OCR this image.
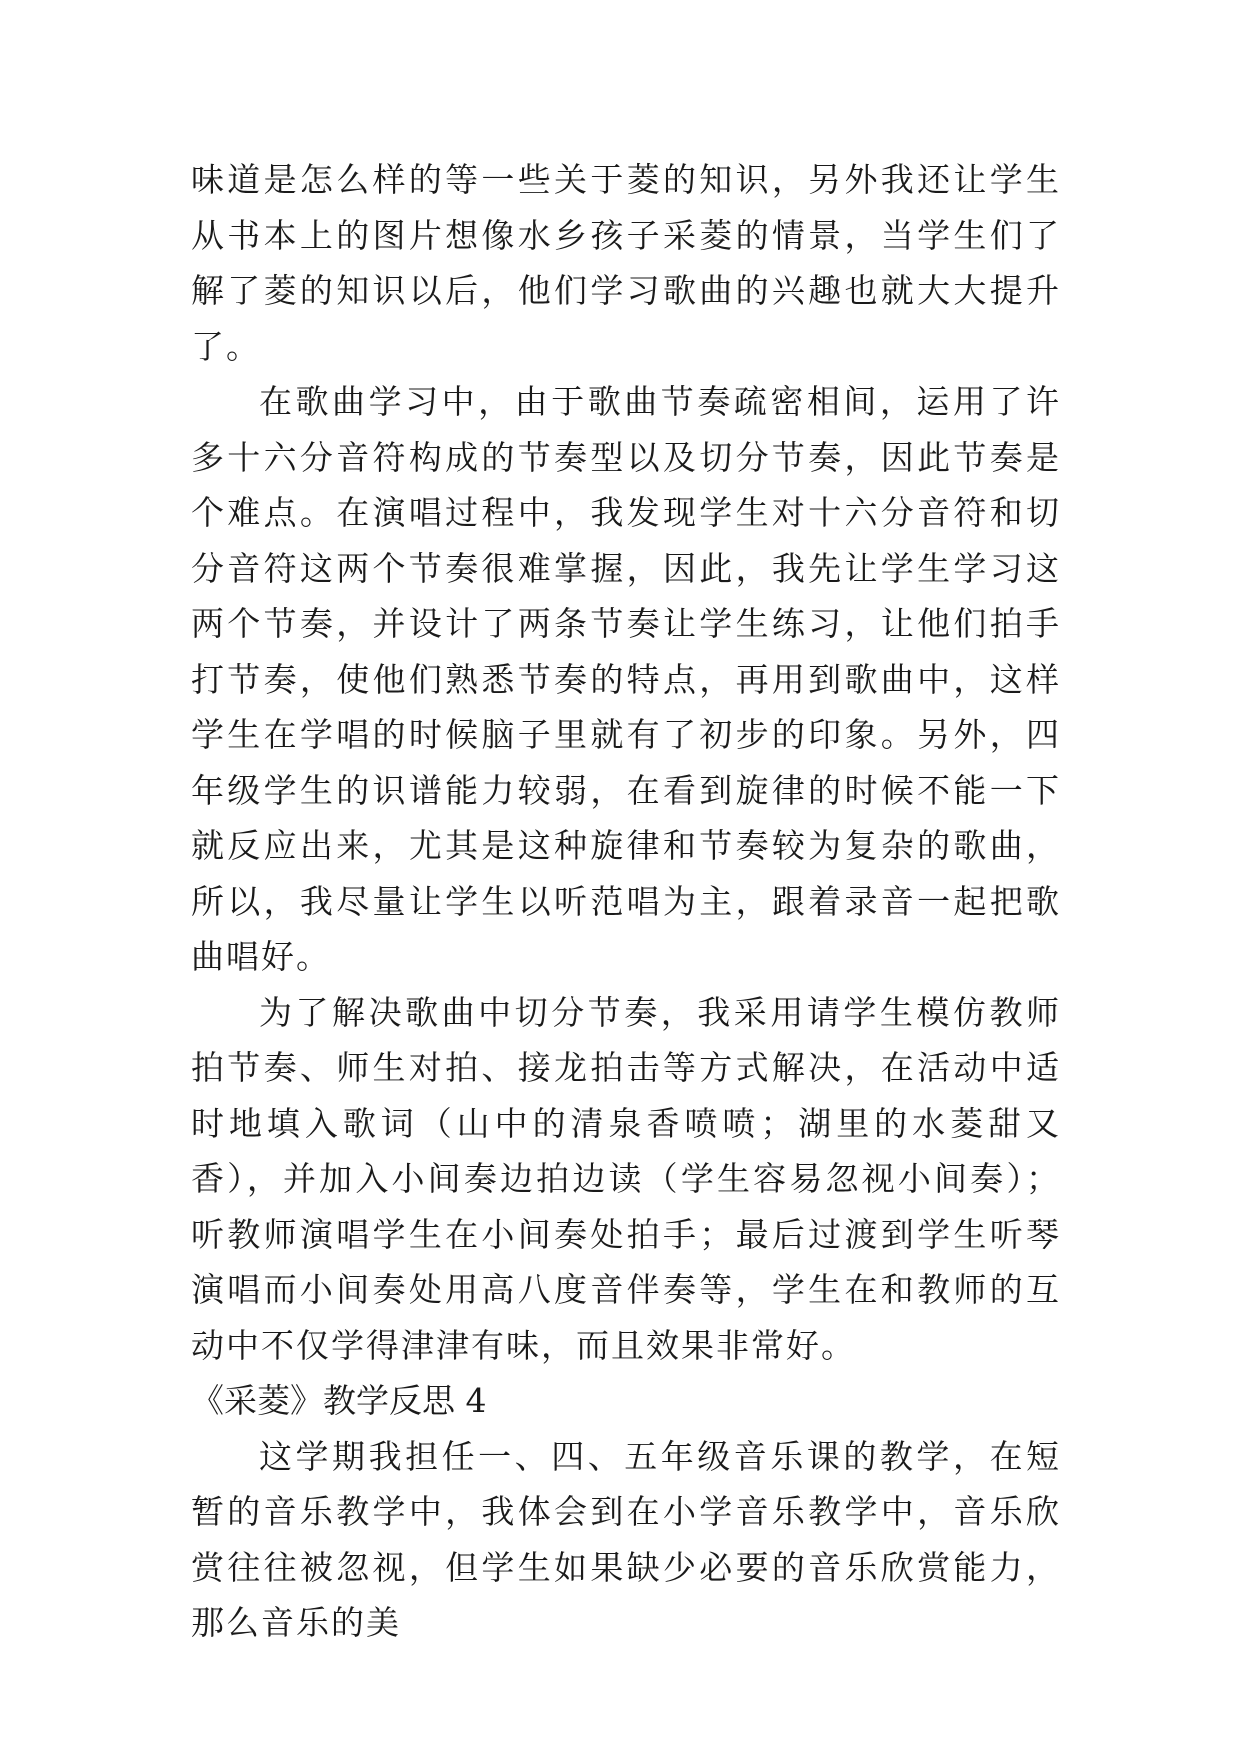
味道是怎么样的等一些关于菱的知识，另外我还让学生从书本上的图片想像水乡孩子采菱的情景，当学生们了解了菱的知识以后，他们学习歌曲的兴趣也就大大提升了。

在歌曲学习中，由于歌曲节奏疏密相间，运用了许多十六分音符构成的节奏型以及切分节奏，因此节奏是个难点。在演唱过程中，我发现学生对十六分音符和切分音符这两个节奏很难掌握，因此，我先让学生学习这两个节奏，并设计了两条节奏让学生练习，让他们拍手打节奏，使他们熟悉节奏的特点，再用到歌曲中，这样学生在学唱的时候脑子里就有了初步的印象。另外，四年级学生的识谱能力较弱，在看到旋律的时候不能一下就反应出来，尤其是这种旋律和节奏较为复杂的歌曲，所以，我尽量让学生以听范唱为主，跟着录音一起把歌曲唱好。

为了解决歌曲中切分节奏，我采用请学生模仿教师拍节奏、师生对拍、接龙拍击等方式解决，在活动中适时地填入歌词（山中的清泉香喷喷；湖里的水菱甜又香），并加入小间奏边拍边读（学生容易忽视小间奏）；听教师演唱学生在小间奏处拍手；最后过渡到学生听琴演唱而小间奏处用高八度音伴奏等，学生在和教师的互动中不仅学得津津有味，而且效果非常好。

《采菱》教学反思 4

这学期我担任一、四、五年级音乐课的教学，在短暂的音乐教学中，我体会到在小学音乐教学中，音乐欣赏往往被忽视，但学生如果缺少必要的音乐欣赏能力，那么音乐的美
